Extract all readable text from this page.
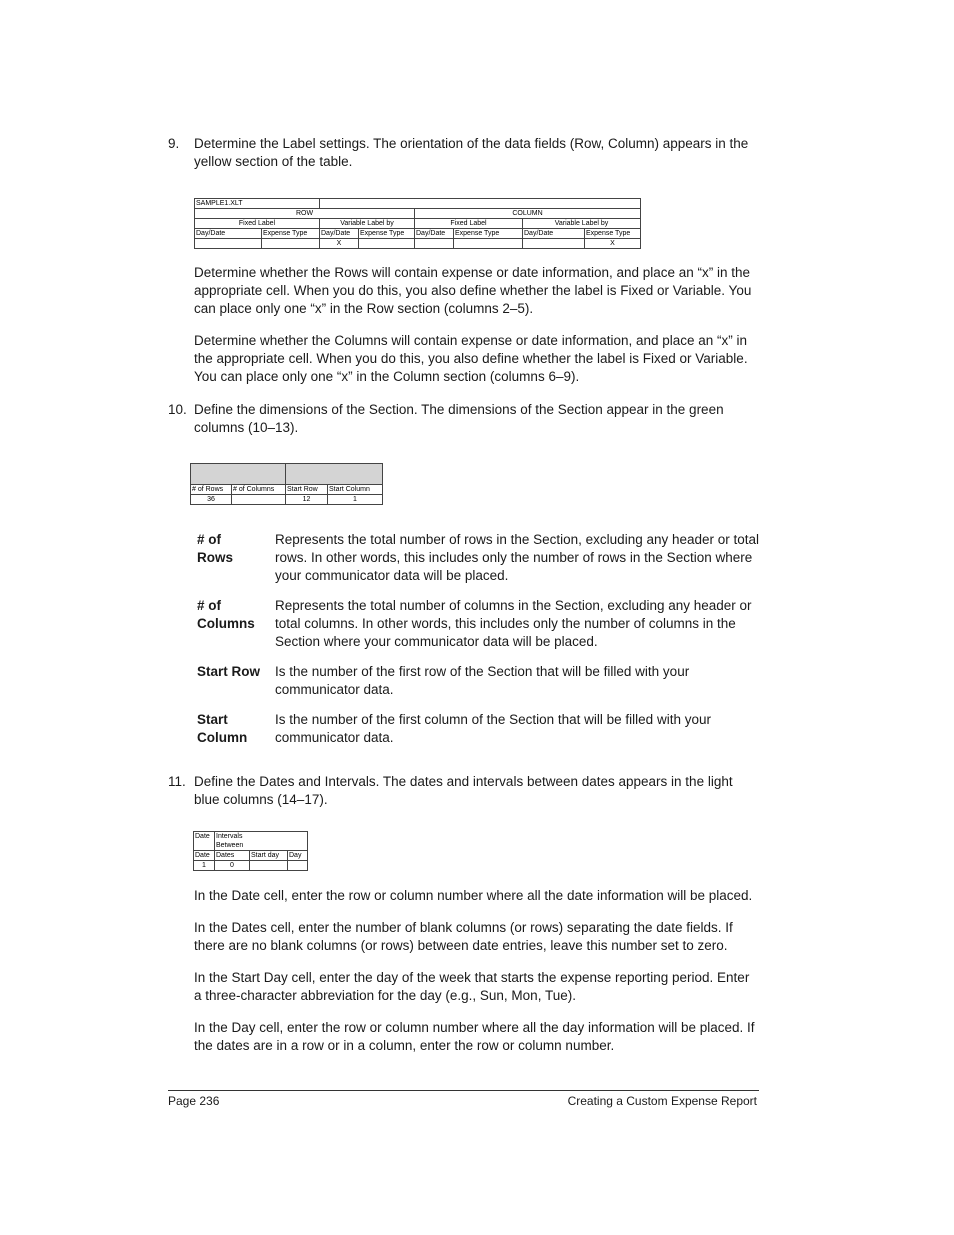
9.	Determine the Label settings. The orientation of the data fields (Row, Column) appears in the yellow section of the table.

SAMPLE1.XLT							
ROW				COLUMN			
Fixed Label		Variable Label by		Fixed Label		Variable Label by	
Day/Date	Expense Type	Day/Date	Expense Type	Day/Date	Expense Type	Day/Date	Expense Type
		X					X

Determine whether the Rows will contain expense or date information, and place an “x” in the appropriate cell. When you do this, you also define whether the label is Fixed or Variable. You can place only one “x” in the Row section (columns 2–5).

Determine whether the Columns will contain expense or date information, and place an “x” in the appropriate cell. When you do this, you also define whether the label is Fixed or Variable. You can place only one “x” in the Column section (columns 6–9).

10. Define the dimensions of the Section. The dimensions of the Section appear in the green columns (10–13).

# of Rows	# of Columns	Start Row	Start Column
36		12	1
# of Rows
Represents the total number of rows in the Section, excluding any header or total rows. In other words, this includes only the number of rows in the Section where your communicator data will be placed.
# of Columns
Represents the total number of columns in the Section, excluding any header or total columns. In other words, this includes only the number of columns in the Section where your communicator data will be placed.
Start Row	Is the number of the first row of the Section that will be filled with your communicator data.
Start Column
Is the number of the first column of the Section that will be filled with your communicator data.
11. Define the Dates and Intervals. The dates and intervals between dates appears in the light blue columns (14–17).

Date	Intervals		
	Between		
Date	Dates	Start day	Day
1	0		

In the Date cell, enter the row or column number where all the date information will be placed.

In the Dates cell, enter the number of blank columns (or rows) separating the date fields. If there are no blank columns (or rows) between date entries, leave this number set to zero.

In the Start Day cell, enter the day of the week that starts the expense reporting period. Enter a three-character abbreviation for the day (e.g., Sun, Mon, Tue).

In the Day cell, enter the row or column number where all the day information will be placed. If the dates are in a row or in a column, enter the row or column number.

Page 236	Creating a Custom Expense Report
